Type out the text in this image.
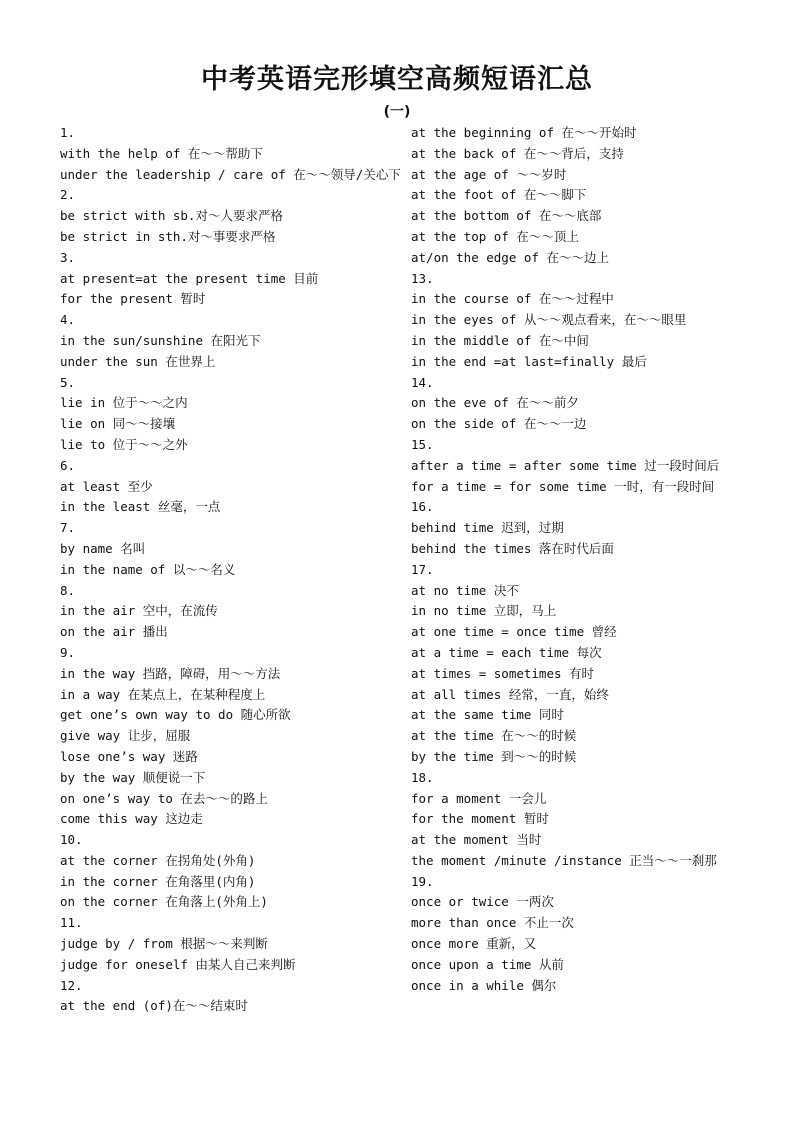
中考英语完形填空高频短语汇总
(一)
1.
with the help of 在～～帮助下
under the leadership / care of 在～～领导/关心下
2.
be strict with sb.对～人要求严格
be strict in sth.对～事要求严格
3.
at present=at the present time 目前
for the present 暂时
4.
in the sun/sunshine 在阳光下
under the sun 在世界上
5.
lie in 位于～～之内
lie on 同～～接壤
lie to 位于～～之外
6.
at least 至少
in the least 丝毫，一点
7.
by name 名叫
in the name of 以～～名义
8.
in the air 空中，在流传
on the air 播出
9.
in the way 挡路，障碍，用～～方法
in a way 在某点上，在某种程度上
get one’s own way to do 随心所欲
give way 让步，屈服
lose one’s way 迷路
by the way 顺便说一下
on one’s way to 在去～～的路上
come this way 这边走
10.
at the corner 在拐角处(外角)
in the corner 在角落里(内角)
on the corner 在角落上(外角上)
11.
judge by / from 根据～～来判断
judge for oneself 由某人自己来判断
12.
at the end (of)在～～结束时
at the beginning of 在～～开始时
at the back of 在～～背后，支持
at the age of ～～岁时
at the foot of 在～～脚下
at the bottom of 在～～底部
at the top of 在～～顶上
at/on the edge of 在～～边上
13.
in the course of 在～～过程中
in the eyes of 从～～观点看来，在～～眼里
in the middle of 在～中间
in the end =at last=finally 最后
14.
on the eve of 在～～前夕
on the side of 在～～一边
15.
after a time = after some time 过一段时间后
for a time = for some time 一时，有一段时间
16.
behind time 迟到，过期
behind the times 落在时代后面
17.
at no time 决不
in no time 立即，马上
at one time = once time 曾经
at a time = each time 每次
at times = sometimes 有时
at all times 经常，一直，始终
at the same time 同时
at the time 在～～的时候
by the time 到～～的时候
18.
for a moment 一会儿
for the moment 暂时
at the moment 当时
the moment /minute /instance 正当～～一刹那
19.
once or twice 一两次
more than once 不止一次
once more 重新，又
once upon a time 从前
once in a while 偶尔
